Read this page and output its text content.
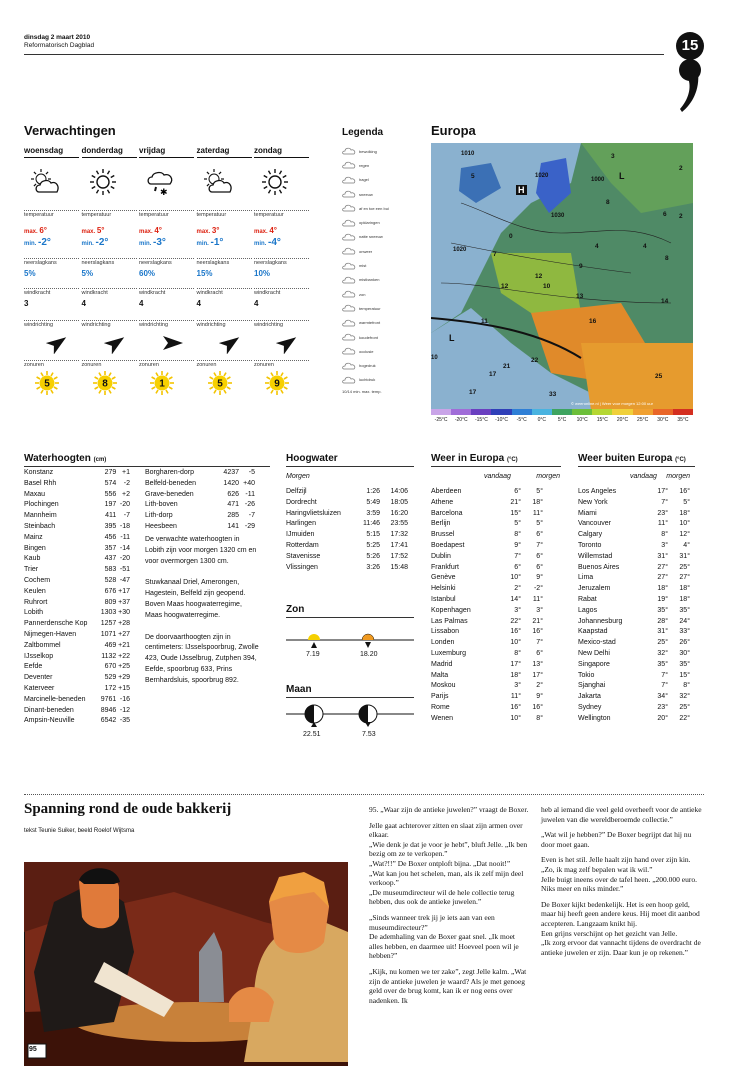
dinsdag 2 maart 2010
Reformatorisch Dagblad	15
Verwachtingen
woensdag
temperatuur
max. 6°
min. -2°
neerslagkans
5%
windkracht
3
windrichting
zonuren
5
donderdag
temperatuur
max. 5°
min. -2°
neerslagkans
5%
windkracht
4
windrichting
zonuren
8
vrijdag
✱
temperatuur
max. 4°
min. -3°
neerslagkans
60%
windkracht
4
windrichting
zonuren
1
zaterdag
temperatuur
max. 3°
min. -1°
neerslagkans
15%
windkracht
4
windrichting
zonuren
5
zondag
temperatuur
max. 4°
min. -4°
neerslagkans
10%
windkracht
4
windrichting
zonuren
9
Legenda
bewolking
regen
hagel
sneeuw
af en toe een bui
opklaringen
natte sneeuw
onweer
mist
mistbanken
zon
temperatuur
warmtefront
koudefront
occlusie
hogedruk
luchtdruk
10/14 min. max. temp.
Europa
1010
1020
1000
1030
1020
10
H
L
L
3
5
2
8
6
4	4
2
0
7
9
8
10
12
13
14
12
16
11
17
21
17
22
33
25
© weeronline.nl | Weer voor morgen 12:00 uur
-25°C	-20°C	-15°C	-10°C	-5°C	0°C	5°C	10°C	15°C	20°C	25°C	30°C	35°C
Waterhoogten (cm)
Konstanz	279 +1
Basel Rhh	574	-2
Maxau	556 +2
Plochingen	197 -20
Mannheim	411	-7
Steinbach	395 -18
Mainz	456 -11
Bingen	357 -14
Kaub	437 -20
Trier	583 -51
Cochem	528 -47
Keulen	676 +17
Ruhrort	809 +37
Lobith	1303 +30
Pannerdensche Kop	1257 +28
Nijmegen-Haven	1071 +27
Zaltbommel	469 +21
IJsselkop	1132 +22
Eefde	670 +25
Deventer	529 +29
Katerveer	172 +15
Marcinelle-beneden	9761 -16
Dinant-beneden	8946 -12
Ampsin-Neuville	6542 -35
Borgharen-dorp	4237	-5
Belfeld-beneden	1420 +40
Grave-beneden	626 -11
Lith-boven	471 -26
Lith-dorp	285	-7
Heesbeen	141 -29

De verwachte waterhoogten in Lobith zijn voor morgen 1320 cm en voor overmorgen 1300 cm.

Stuwkanaal Driel, Amerongen, Hagestein, Belfeld zijn geopend. Boven Maas hoogwaterregime, Maas hoogwaterregime.

De doorvaarthoogten zijn in centimeters: IJsselspoorbrug, Zwolle 423, Oude IJsselbrug, Zutphen 394, Eefde, spoorbrug 633, Prins Bernhardsluis, spoorbrug 892.

Hoogwater
Morgen
Delfzijl	1:26	14:06
Dordrecht	5:49	18:05
Haringvlietsluizen	3:59	16:20
Harlingen	11:46	23:55
IJmuiden	5:15	17:32
Rotterdam	5:25	17:41
Stavenisse	5:26	17:52
Vlissingen	3:26	15:48
Zon
7.19	18.20
Maan
22.51	7.53
Weer in Europa (°C)
vandaag	morgen
Aberdeen	6°	5°
Athene	21°	18°
Barcelona	15°	11°
Berlijn	5°	5°
Brussel	8°	6°
Boedapest	9°	7°
Dublin	7°	6°
Frankfurt	6°	6°
Genève	10°	9°
Helsinki	2°	-2°
Istanbul	14°	11°
Kopenhagen	3°	3°
Las Palmas	22°	21°
Lissabon	16°	16°
Londen	10°	7°
Luxemburg	8°	6°
Madrid	17°	13°
Malta	18°	17°
Moskou	3°	2°
Parijs	11°	9°
Rome	16°	16°
Wenen	10°	8°
Weer buiten Europa (°C)
vandaag morgen
Los Angeles	17°	16°
New York	7°	5°
Miami	23°	18°
Vancouver	11°	10°
Calgary	8°	12°
Toronto	3°	4°
Willemstad	31°	31°
Buenos Aires	27°	25°
Lima	27°	27°
Jeruzalem	18°	18°
Rabat	19°	18°
Lagos	35°	35°
Johannesburg	28°	24°
Kaapstad	31°	33°
Mexico-stad	25°	26°
New Delhi	32°	30°
Singapore	35°	35°
Tokio	7°	15°
Sjanghai	7°	8°
Jakarta	34°	32°
Sydney	23°	25°
Wellington	20°	22°
Spanning rond de oude bakkerij
tekst Teunie Suiker, beeld Roelof Wijtsma
95

95. „Waar zijn de antieke juwelen?” vraagt de Boxer.

Jelle gaat achterover zitten en slaat zijn armen over elkaar.
„Wie denk je dat je voor je hebt”, bluft Jelle. „Ik ben bezig om ze te verkopen.”
„Wat?!!” De Boxer ontploft bijna. „Dat nooit!”
„Wat kan jou het schelen, man, als ik zelf mijn deel verkoop.”
„De museumdirecteur wil de hele collectie terug hebben, dus ook de antieke juwelen.”

„Sinds wanneer trek jij je iets aan van een museumdirecteur?”
De ademhaling van de Boxer gaat snel. „Ik moet alles hebben, en daarmee uit! Hoeveel poen wil je hebben?”

„Kijk, nu komen we ter zake”, zegt Jelle kalm. „Wat zijn de antieke juwelen je waard? Als je met genoeg geld over de brug komt, kan ik er nog eens over nadenken. Ik

heb al iemand die veel geld overheeft voor de antieke juwelen van die wereldberoemde collectie.”

„Wat wil je hebben?” De Boxer begrijpt dat hij nu door moet gaan.

Even is het stil. Jelle haalt zijn hand over zijn kin. „Zo, ik mag zelf bepalen wat ik wil.”
Jelle buigt ineens over de tafel heen. „200.000 euro. Niks meer en niks minder.”

De Boxer kijkt bedenkelijk. Het is een hoop geld, maar hij heeft geen andere keus. Hij moet dit aanbod accepteren. Langzaam knikt hij.
Een grijns verschijnt op het gezicht van Jelle.
„Ik zorg ervoor dat vannacht tijdens de overdracht de antieke juwelen er zijn. Daar kun je op rekenen.”
